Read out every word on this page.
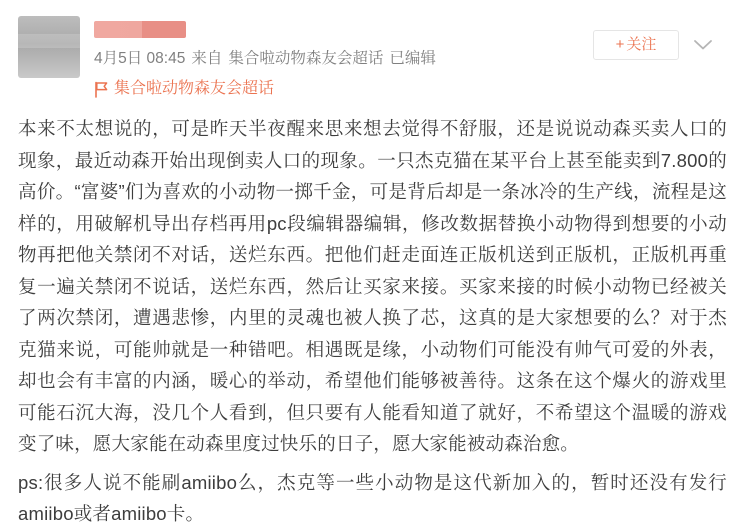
4月5日 08:45 来自 集合啦动物森友会超话 已编辑
集合啦动物森友会超话
+ 关注

本来不太想说的，可是昨天半夜醒来思来想去觉得不舒服，还是说说动森买卖人口的现象，最近动森开始出现倒卖人口的现象。一只杰克猫在某平台上甚至能卖到7.800的高价。“富婆”们为喜欢的小动物一掷千金，可是背后却是一条冰冷的生产线，流程是这样的，用破解机导出存档再用pc段编辑器编辑，修改数据替换小动物得到想要的小动物再把他关禁闭不对话，送烂东西。把他们赶走面连正版机送到正版机，正版机再重复一遍关禁闭不说话，送烂东西，然后让买家来接。买家来接的时候小动物已经被关了两次禁闭，遭遇悲惨，内里的灵魂也被人换了芯，这真的是大家想要的么？对于杰克猫来说，可能帅就是一种错吧。相遇既是缘，小动物们可能没有帅气可爱的外表，却也会有丰富的内涵，暖心的举动，希望他们能够被善待。这条在这个爆火的游戏里可能石沉大海，没几个人看到，但只要有人能看知道了就好，不希望这个温暖的游戏变了味，愿大家能在动森里度过快乐的日子，愿大家能被动森治愈。

ps:很多人说不能刷amiibo么，杰克等一些小动物是这代新加入的，暂时还没有发行amiibo或者amiibo卡。
